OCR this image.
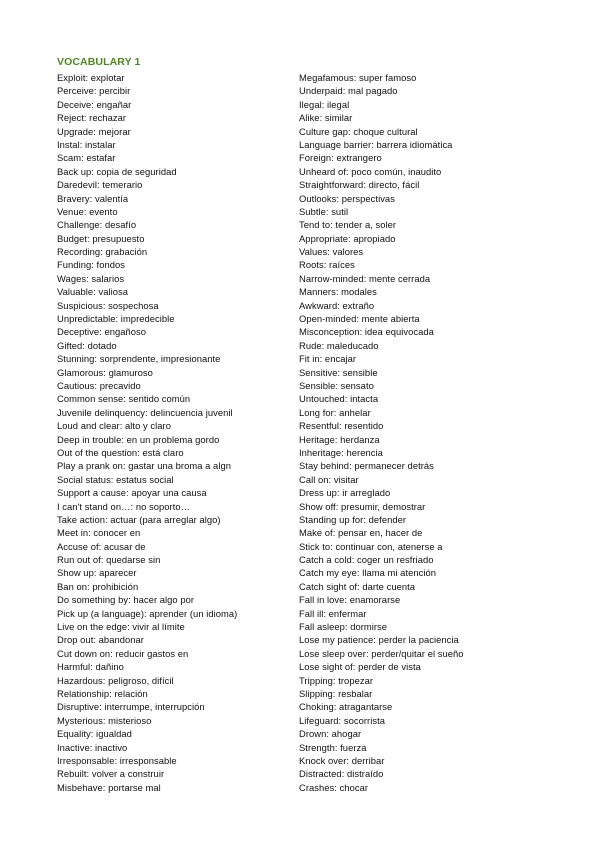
VOCABULARY 1
Exploit: explotar
Perceive: percibir
Deceive: engañar
Reject: rechazar
Upgrade: mejorar
Instal: instalar
Scam: estafar
Back up: copia de seguridad
Daredevil: temerario
Bravery: valentía
Venue: evento
Challenge: desafío
Budget: presupuesto
Recording: grabación
Funding: fondos
Wages: salarios
Valuable: valiosa
Suspicious: sospechosa
Unpredictable: impredecible
Deceptive: engañoso
Gifted: dotado
Stunning: sorprendente, impresionante
Glamorous: glamuroso
Cautious: precavido
Common sense: sentido común
Juvenile delinquency: delincuencia juvenil
Loud and clear: alto y claro
Deep in trouble: en un problema gordo
Out of the question: está claro
Play a prank on: gastar una broma a algn
Social status: estatus social
Support a cause: apoyar una causa
I can't stand on…: no soporto…
Take action: actuar (para arreglar algo)
Meet in: conocer en
Accuse of: acusar de
Run out of: quedarse sin
Show up: aparecer
Ban on: prohibición
Do something by: hacer algo por
Pick up (a language): aprender (un idioma)
Live on the edge: vivir al límite
Drop out: abandonar
Cut down on: reducir gastos en
Harmful: dañino
Hazardous: peligroso, difícil
Relationship: relación
Disruptive: interrumpe, interrupción
Mysterious: misterioso
Equality: igualdad
Inactive: inactivo
Irresponsable: irresponsable
Rebuilt: volver a construir
Misbehave: portarse mal
Megafamous: super famoso
Underpaid: mal pagado
Ilegal: ilegal
Alike: similar
Culture gap: choque cultural
Language barrier: barrera idiomática
Foreign: extrangero
Unheard of: poco común, inaudito
Straightforward: directo, fácil
Outlooks: perspectivas
Subtle: sutil
Tend to: tender a, soler
Appropriate: apropiado
Values: valores
Roots: raíces
Narrow-minded: mente cerrada
Manners: modales
Awkward: extraño
Open-minded: mente abierta
Misconception: idea equivocada
Rude: maleducado
Fit in: encajar
Sensitive: sensible
Sensible: sensato
Untouched: intacta
Long for: anhelar
Resentful: resentido
Heritage: herdanza
Inheritage: herencia
Stay behind: permanecer detrás
Call on: visitar
Dress up: ir arreglado
Show off: presumir, demostrar
Standing up for: defender
Make of: pensar en, hacer de
Stick to: continuar con, atenerse a
Catch a cold: coger un resfriado
Catch my eye: llama mi atención
Catch sight of: darte cuenta
Fall in love: enamorarse
Fall ill: enfermar
Fall asleep: dormirse
Lose my patience: perder la paciencia
Lose sleep over: perder/quitar el sueño
Lose sight of: perder de vista
Tripping: tropezar
Slipping: resbalar
Choking: atragantarse
Lifeguard: socorrista
Drown: ahogar
Strength: fuerza
Knock over: derribar
Distracted: distraído
Crashes: chocar
